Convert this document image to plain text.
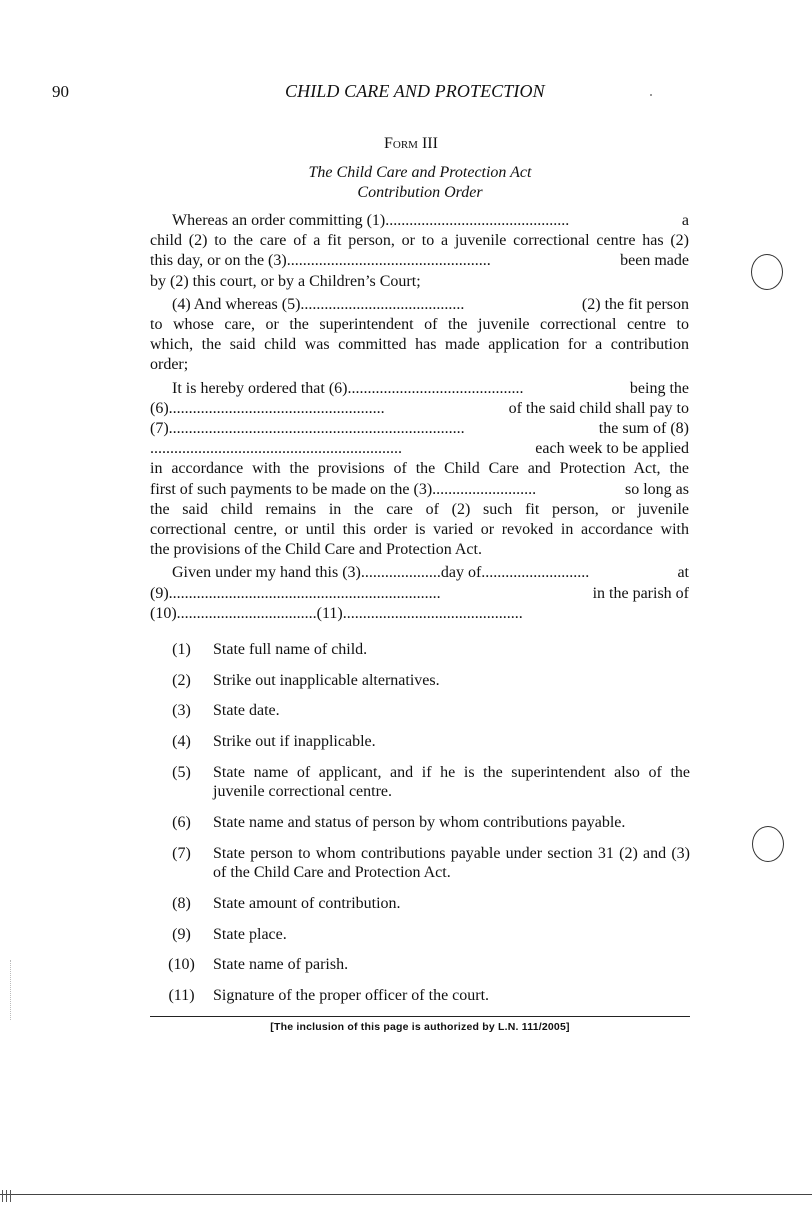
90	CHILD CARE AND PROTECTION
Form III
The Child Care and Protection Act
Contribution Order
Whereas an order committing (1)..............................................	a
child (2) to the care of a fit person, or to a juvenile correctional centre has (2)
this day, or on the (3)...................................................	been made
by (2) this court, or by a Children’s Court;
(4) And whereas (5).........................................	(2) the fit person
to whose care, or the superintendent of the juvenile correctional centre to
which, the said child was committed has made application for a contribution
order;
It is hereby ordered that (6)............................................	being the
(6)......................................................	of the said child shall pay to
(7)..........................................................................	the sum of (8)
...............................................................	each week to be applied
in accordance with the provisions of the Child Care and Protection Act, the
first of such payments to be made on the (3)..........................	so long as
the said child remains in the care of (2) such fit person, or juvenile
correctional centre, or until this order is varied or revoked in accordance with
the provisions of the Child Care and Protection Act.
Given under my hand this (3)....................day of...........................	at
(9)....................................................................	in the parish of
(10)...................................(11).............................................
(1)	State full name of child.
(2)	Strike out inapplicable alternatives.
(3)	State date.
(4)	Strike out if inapplicable.
(5)	State name of applicant, and if he is the superintendent also of the juvenile correctional centre.
(6)	State name and status of person by whom contributions payable.
(7)	State person to whom contributions payable under section 31 (2) and (3) of the Child Care and Protection Act.
(8)	State amount of contribution.
(9)	State place.
(10)	State name of parish.
(11)	Signature of the proper officer of the court.
[The inclusion of this page is authorized by L.N. 111/2005]
